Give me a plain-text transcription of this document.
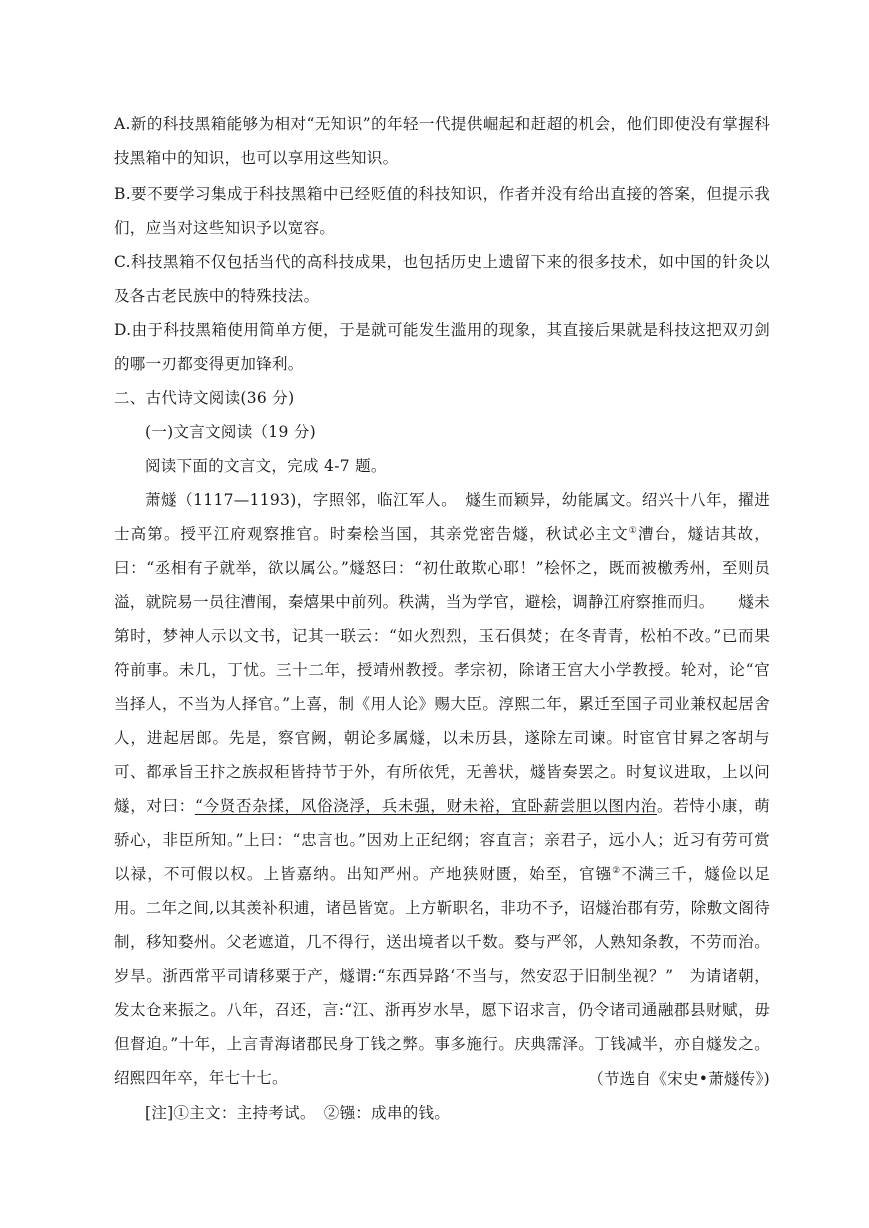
A.新的科技黑箱能够为相对“无知识”的年轻一代提供崛起和赶超的机会，他们即使没有掌握科技黑箱中的知识，也可以享用这些知识。

B.要不要学习集成于科技黑箱中已经贬值的科技知识，作者并没有给出直接的答案，但提示我们，应当对这些知识予以宽容。

C.科技黑箱不仅包括当代的高科技成果，也包括历史上遗留下来的很多技术，如中国的针灸以及各古老民族中的特殊技法。

D.由于科技黑箱使用简单方便，于是就可能发生滥用的现象，其直接后果就是科技这把双刃剑的哪一刃都变得更加锋利。

二、古代诗文阅读(36 分)

(一)文言文阅读（19 分)

阅读下面的文言文，完成 4-7 题。

萧燧（1117—1193)，字照邻，临江军人。　燧生而颖异，幼能属文。绍兴十八年，擢进士高第。授平江府观察推官。时秦桧当国，其亲党密告燧，秋试必主文①漕台，燧诘其故，曰：“丞相有子就举，欲以属公。”燧怒曰：“初仕敢欺心耶！”桧怀之，既而被檄秀州，至则员溢，就院易一员往漕闱，秦熺果中前列。秩满，当为学官，避桧，调静江府察推而归。　　燧未第时，梦神人示以文书，记其一联云：“如火烈烈，玉石俱焚；在冬青青，松柏不改。”已而果符前事。未几，丁忧。三十二年，授靖州教授。孝宗初，除诸王宫大小学教授。轮对，论“官当择人，不当为人择官。”上喜，制《用人论》赐大臣。淳熙二年，累迁至国子司业兼权起居舍人，进起居郎。先是，察官阙，朝论多属燧，以未历县，遂除左司谏。时宦官甘昪之客胡与可、都承旨王抃之族叔秬皆持节于外，有所依凭，无善状，燧皆奏罢之。时复议进取，上以问燧，对曰：“今贤否杂揉，风俗浇浮，兵未强，财未裕，宜卧薪尝胆以图内治。若恃小康，萌骄心，非臣所知。”上曰：“忠言也。”因劝上正纪纲；容直言；亲君子，远小人；近习有劳可赏以禄，不可假以权。上皆嘉纳。出知严州。产地狭财匮，始至，官镪②不满三千，燧俭以足用。二年之间,以其羡补积逋，诸邑皆宽。上方靳职名，非功不予，诏燧治郡有劳，除敷文阁待制，移知婺州。父老遮道，几不得行，送出境者以千数。婺与严邻，人熟知条教，不劳而治。岁旱。浙西常平司请移粟于产，燧谓:“东西异路‘不当与，然安忍于旧制坐视？”　为请诸朝，发太仓来振之。八年，召还，言:“江、浙再岁水旱，愿下诏求言，仍令诸司通融郡县财赋，毋但督迫。”十年，上言青海诸郡民身丁钱之弊。事多施行。庆典霈泽。丁钱减半，亦自燧发之。绍熙四年卒，年七十七。	（节选自《宋史•萧燧传》)

[注]①主文：主持考试。　②镪：成串的钱。
